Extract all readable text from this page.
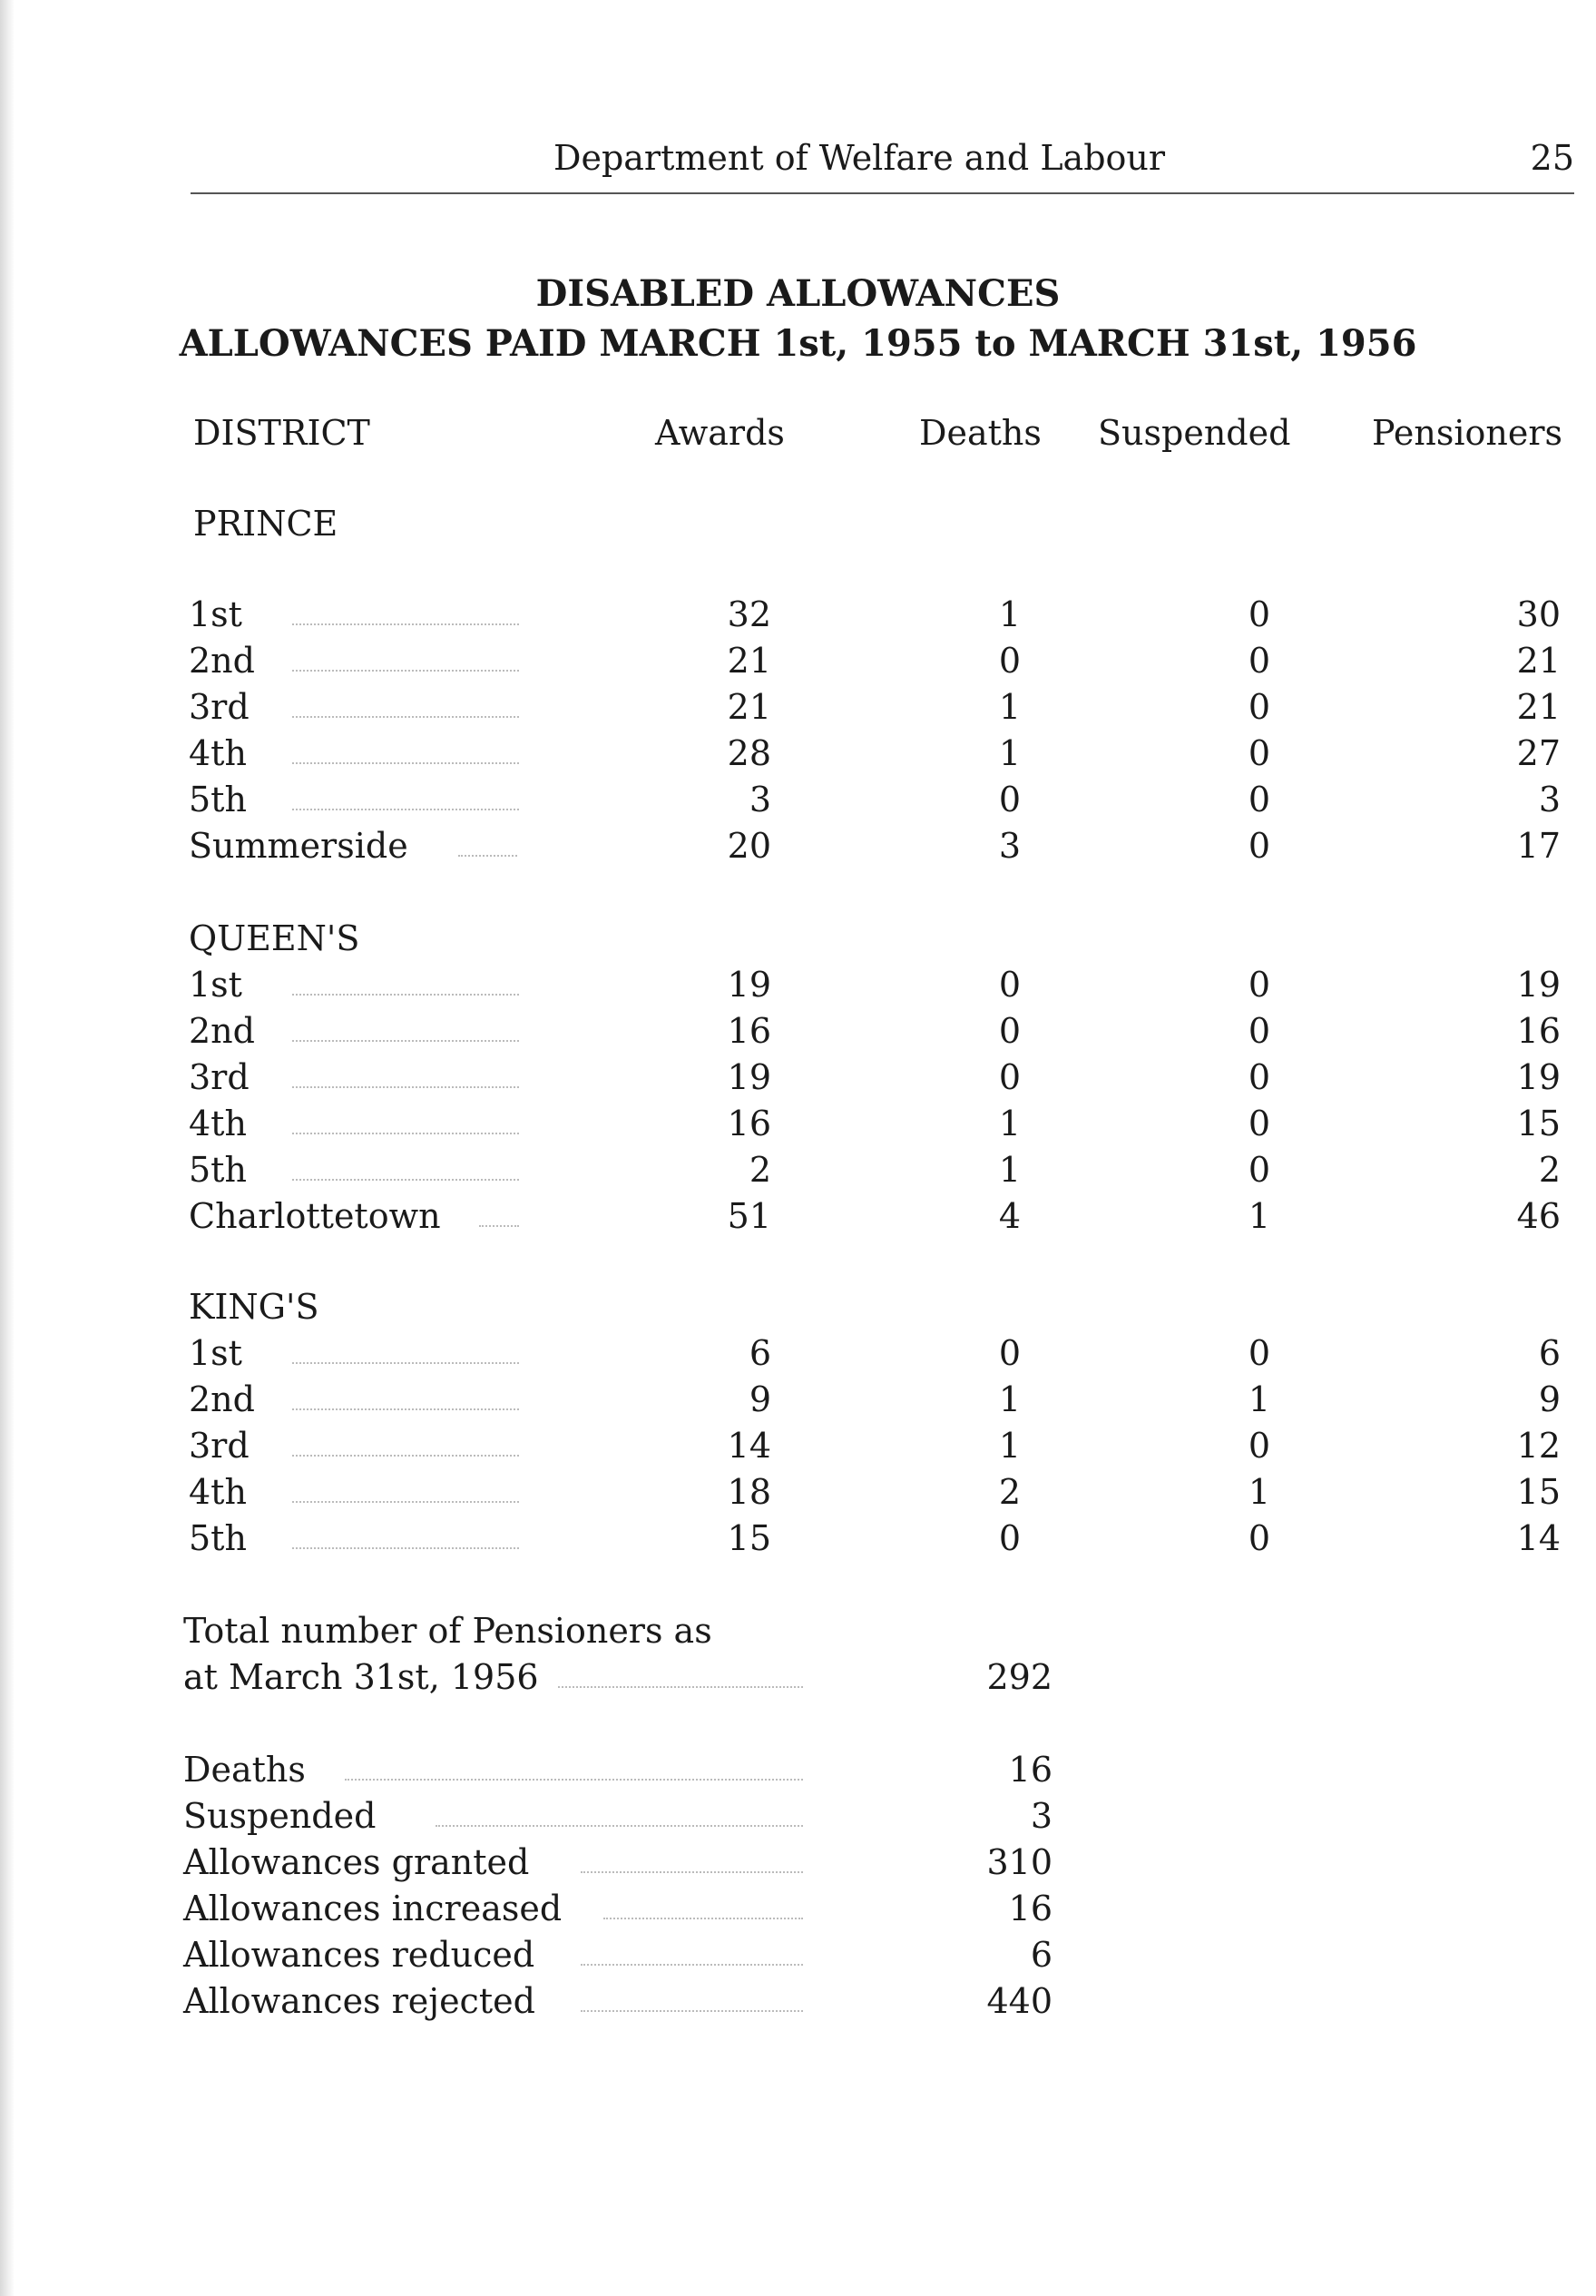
Department of Welfare and Labour	25
DISABLED ALLOWANCES
ALLOWANCES PAID MARCH 1st, 1955 to MARCH 31st, 1956
DISTRICT	Awards	Deaths Suspended Pensioners
PRINCE
1st	32	1	0	30
2nd	21	0	0	21
3rd	21	1	0	21
4th	28	1	0	27
5th	3	0	0	3
Summerside	20	3	0	17
QUEEN'S
1st	19	0	0	19
2nd	16	0	0	16
3rd	19	0	0	19
4th	16	1	0	15
5th	2	1	0	2
Charlottetown	51	4	1	46
KING'S
1st	6	0	0	6
2nd	9	1	1	9
3rd	14	1	0	12
4th	18	2	1	15
5th	15	0	0	14
Total number of Pensioners as
at March 31st, 1956	292
Deaths	16
Suspended	3
Allowances granted	310
Allowances increased	16
Allowances reduced	6
Allowances rejected	440
